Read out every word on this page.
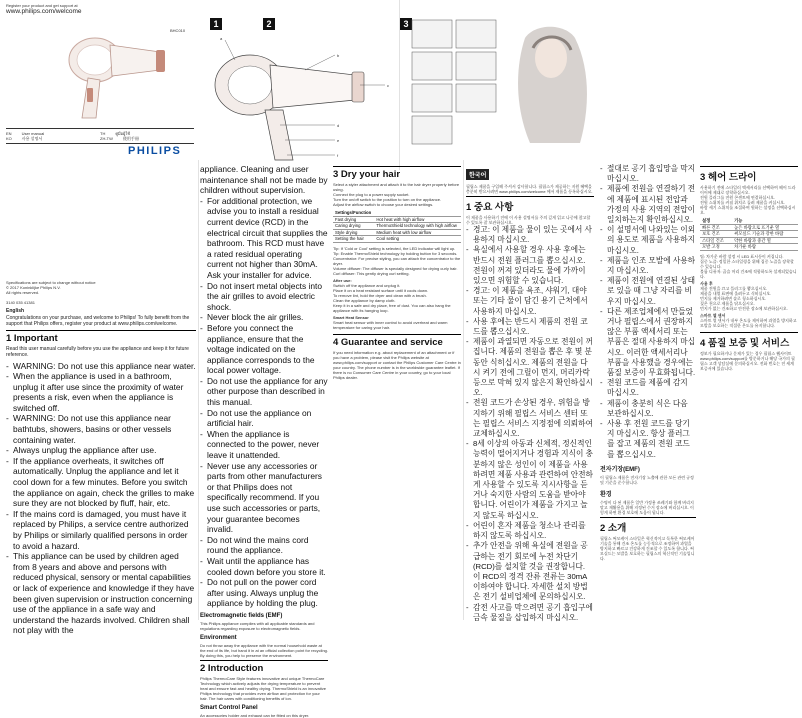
Register your product and get support at
www.philips.com/welcome
BHC010
EN	User manual
KO	사용 설명서
TH	คู่มือผู้ใช้
ZH-TW	使用手冊
PHILIPS
Specifications are subject to change without notice
© 2017 Koninklijke Philips N.V.
All rights reserved.
3140 035 41381
1	2	3
a
b
c
d
e
f
English
Congratulations on your purchase, and welcome to Philips! To fully benefit from the support that Philips offers, register your product at www.philips.com/welcome.
1 Important
Read this user manual carefully before you use the appliance and keep it for future reference.
- WARNING: Do not use this appliance near water.
- When the appliance is used in a bathroom, unplug it after use since the proximity of water presents a risk, even when the appliance is switched off.
- WARNING: Do not use this appliance near bathtubs, showers, basins or other vessels containing water.
- Always unplug the appliance after use.
- If the appliance overheats, it switches off automatically. Unplug the appliance and let it cool down for a few minutes. Before you switch the appliance on again, check the grilles to make sure they are not blocked by fluff, hair, etc.
- If the mains cord is damaged, you must have it replaced by Philips, a service centre authorized by Philips or similarly qualified persons in order to avoid a hazard.
- This appliance can be used by children aged from 8 years and above and persons with reduced physical, sensory or mental capabilities or lack of experience and knowledge if they have been given supervision or instruction concerning use of the appliance in a safe way and understand the hazards involved. Children shall not play with the
appliance. Cleaning and user maintenance shall not be made by children without supervision.
- For additional protection, we advise you to install a residual current device (RCD) in the electrical circuit that supplies the bathroom. This RCD must have a rated residual operating current not higher than 30mA. Ask your installer for advice.
- Do not insert metal objects into the air grilles to avoid electric shock.
- Never block the air grilles.
- Before you connect the appliance, ensure that the voltage indicated on the appliance corresponds to the local power voltage.
- Do not use the appliance for any other purpose than described in this manual.
- Do not use the appliance on artificial hair.
- When the appliance is connected to the power, never leave it unattended.
- Never use any accessories or parts from other manufacturers or that Philips does not specifically recommend. If you use such accessories or parts, your guarantee becomes invalid.
- Do not wind the mains cord round the appliance.
- Wait until the appliance has cooled down before you store it.
- Do not pull on the power cord after using. Always unplug the appliance by holding the plug.
Electromagnetic fields (EMF)
This Philips appliance complies with all applicable standards and regulations regarding exposure to electromagnetic fields.
Environment
Do not throw away the appliance with the normal household waste at the end of its life, but hand it in at an official collection point for recycling. By doing this, you help to preserve the environment.
2 Introduction
Philips ThermoCare Style features innovative and unique ThermoCare Technology which actively adjusts the drying temperature to prevent heat and ensure fast and healthy drying. ThermoShield is an innovative Philips technology that provides even airflow and protection for your hair. The hair cares with conditioning benefits of ion.
Smart Control Panel
An accessories holder and exhaust can be fitted on this dryer.
3 Dry your hair
Select a styler attachment and attach it to the hair dryer properly before using.
Connect the plug to a power supply socket.
Turn the on/off switch to the position to turn on the appliance.
Adjust the airflow switch to choose your desired settings.
Settings/Function	
Fast drying	Hot heat with high airflow
Caring drying	ThermoShield technology with high airflow
Style drying	Medium heat with low airflow
Setting the hair	Cool setting
Tip: If 'Cold or Cool' setting is selected, the LED indicator will light up.
Tip: Enable ThermoShield technology by holding button for 3 seconds.
Concentrator: For precise styling, you can attach the concentrator to the dryer.
Volume diffuser: The diffuser is specially designed for drying curly hair.
Curl diffuser: This gently drying curl setting.
After use:
Switch off the appliance and unplug it.
Place it on a heat resistant surface until it cools down.
To remove lint, hold the dryer and clean with a brush.
Clean the appliance by damp cloth.
Keep it in a safe and dry place, free of dust. You can also hang the appliance with its hanging loop.
Smart Heat Sensor
Smart heat sensor with inner control to avoid overheat and warm temperature for caring your hair.
4 Guarantee and service
If you need information e.g. about replacement of an attachment or if you have a problem, please visit the Philips website at www.philips.com/support or contact the Philips Customer Care Centre in your country. The phone number is in the worldwide guarantee leaflet. If there is no Consumer Care Centre in your country, go to your local Philips dealer.
한국어
필립스 제품을 구입해 주셔서 감사합니다. 필립스가 제공하는 지원 혜택을 충분히 받으시려면 www.philips.com/welcome 에서 제품을 등록하십시오.
1 중요 사항
이 제품을 사용하기 전에 이 사용 설명서를 주의 깊게 읽고 나중에 참고할 수 있도록 잘 보관하십시오.
- 경고: 이 제품을 물이 있는 곳에서 사용하지 마십시오.
- 욕실에서 사용할 경우 사용 후에는 반드시 전원 플러그를 뽑으십시오. 전원이 꺼져 있더라도 물에 가까이 있으면 위험할 수 있습니다.
- 경고: 이 제품을 욕조, 샤워기, 대야 또는 기타 물이 담긴 용기 근처에서 사용하지 마십시오.
- 사용 후에는 반드시 제품의 전원 코드를 뽑으십시오.
- 제품이 과열되면 자동으로 전원이 꺼집니다. 제품의 전원을 뽑은 후 몇 분 동안 식히십시오. 제품의 전원을 다시 켜기 전에 그릴이 먼지, 머리카락 등으로 막혀 있지 않은지 확인하십시오.
- 전원 코드가 손상된 경우, 위험을 방지하기 위해 필립스 서비스 센터 또는 필립스 서비스 지정점에 의뢰하여 교체하십시오.
- 8세 이상의 아동과 신체적, 정신적인 능력이 떨어지거나 경험과 지식이 충분하지 않은 성인이 이 제품을 사용하려면 제품 사용과 관련하여 안전하게 사용할 수 있도록 지시사항을 듣거나 숙지한 사람의 도움을 받아야 합니다. 어린이가 제품을 가지고 놀지 않도록 하십시오.
- 어린이 혼자 제품을 청소나 관리를 하지 않도록 하십시오.
- 추가 안전을 위해 욕실에 전원을 공급하는 전기 회로에 누전 차단기(RCD)를 설치할 것을 권장합니다. 이 RCD의 정격 잔류 전류는 30mA 이하여야 합니다. 자세한 설치 방법은 전기 설비업체에 문의하십시오.
- 감전 사고를 막으려면 공기 흡입구에 금속 물질을 삽입하지 마십시오.
- 절대로 공기 흡입망을 막지 마십시오.
- 제품에 전원을 연결하기 전에 제품에 표시된 전압과 가정의 사용 지역의 전압이 일치하는지 확인하십시오.
- 이 설명서에 나와있는 이외의 용도로 제품을 사용하지 마십시오.
- 제품을 인조 모발에 사용하지 마십시오.
- 제품이 전원에 연결된 상태로 있을 때 그냥 자리를 비우지 마십시오.
- 다른 제조업체에서 만들었거나 필립스에서 권장하지 않은 부품 액세서리 또는 부품은 절대 사용하지 마십시오. 이러한 액세서리나 부품을 사용했을 경우에는 품질 보증이 무효화됩니다.
- 전원 코드를 제품에 감지 마십시오.
- 제품이 충분히 식은 다음 보관하십시오.
- 사용 후 전원 코드를 당기지 마십시오. 항상 플러그를 잡고 제품의 전원 코드를 뽑으십시오.
전자기장(EMF)
이 필립스 제품은 전자기장 노출에 관한 모든 관련 규정 및 기준을 준수합니다.
환경
수명이 다 된 제품은 일반 가정용 쓰레기와 함께 버리지 말고 재활용을 위해 지정된 수거 장소에 버리십시오. 이렇게 하면 환경 보호에 도움이 됩니다.
2 소개
필립스 써모케어 스타일은 혁신적이고 독특한 써모케어 기술을 통해 건조 온도를 능동적으로 조정하여 과열을 방지하고 빠르고 건강하게 건조할 수 있도록 합니다. 써모실드는 모발을 보호하는 필립스의 혁신적인 기술입니다.
3 헤어 드라이
사용하기 전에 스타일러 액세서리를 선택하여 헤어 드라이어에 제대로 장착하십시오.
전원 플러그를 전원 콘센트에 연결하십시오.
전원 스위치를 켜짐 위치로 돌려 제품을 켜십시오.
바람 세기 스위치를 조절하여 원하는 설정을 선택하십시오.
설정	기능
빠른 건조	높은 바람으로 뜨거운 열
보호 건조	써모실드 기술과 강한 바람
스타일 건조	약한 바람과 중간 열
모발 고정	차가운 바람
팁: 차가운 바람 설정 시 LED 표시등이 켜집니다.
집중 노즐: 정밀한 스타일링을 위해 집중 노즐을 장착할 수 있습니다.
볼륨 디퓨저: 곱슬 머리 건조에 적합하도록 설계되었습니다.
사용 후
제품 전원을 끄고 플러그를 뽑으십시오.
제품을 내열 표면에 올려두고 식히십시오.
먼지를 제거하려면 솔로 청소하십시오.
젖은 천으로 제품을 닦으십시오.
먼지가 없는 건조하고 안전한 장소에 보관하십시오.
스마트 열 센서
스마트 열 센서가 내부 온도를 제어하여 과열을 방지하고 모발을 보호하는 적절한 온도를 유지합니다.
4 품질 보증 및 서비스
정보가 필요하거나 문제가 있는 경우 필립스 웹사이트 www.philips.com/support를 방문하거나 해당 국가의 필립스 고객 상담실에 문의하십시오. 전화 번호는 전 세계 보증서에 있습니다.
